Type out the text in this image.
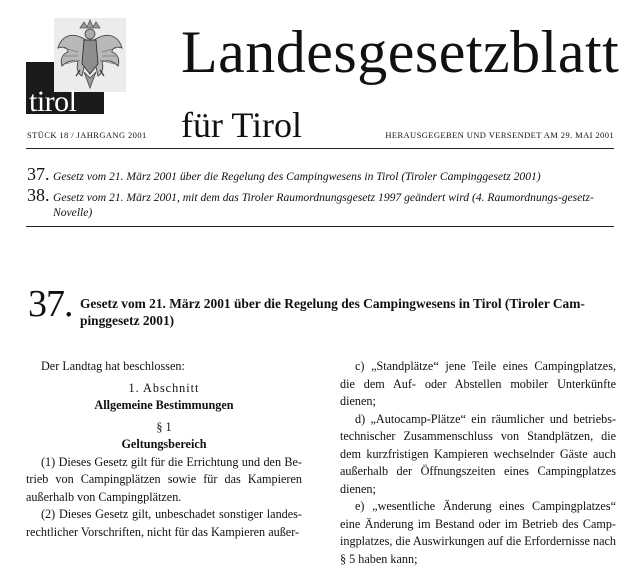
tirol
Landesgesetzblatt
für Tirol
STÜCK 18 / JAHRGANG 2001	HERAUSGEGEBEN UND VERSENDET AM 29. MAI 2001
37. Gesetz vom 21. März 2001 über die Regelung des Campingwesens in Tirol (Tiroler Campinggesetz 2001)
38. Gesetz vom 21. März 2001, mit dem das Tiroler Raumordnungsgesetz 1997 geändert wird (4. Raumordnungs-gesetz-Novelle)
37. Gesetz vom 21. März 2001 über die Regelung des Campingwesens in Tirol (Tiroler Cam-pinggesetz 2001)

Der Landtag hat beschlossen:

1. Abschnitt

Allgemeine Bestimmungen

§ 1

Geltungsbereich

(1) Dieses Gesetz gilt für die Errichtung und den Be-trieb von Campingplätzen sowie für das Kampieren außerhalb von Campingplätzen.

(2) Dieses Gesetz gilt, unbeschadet sonstiger landes-rechtlicher Vorschriften, nicht für das Kampieren außer-

c) „Standplätze“ jene Teile eines Campingplatzes, die dem Auf- oder Abstellen mobiler Unterkünfte dienen;

d) „Autocamp-Plätze“ ein räumlicher und betriebs-technischer Zusammenschluss von Standplätzen, die dem kurzfristigen Kampieren wechselnder Gäste auch außerhalb der Öffnungszeiten eines Campingplatzes dienen;

e) „wesentliche Änderung eines Campingplatzes“ eine Änderung im Bestand oder im Betrieb des Camp-ingplatzes, die Auswirkungen auf die Erfordernisse nach § 5 haben kann;
